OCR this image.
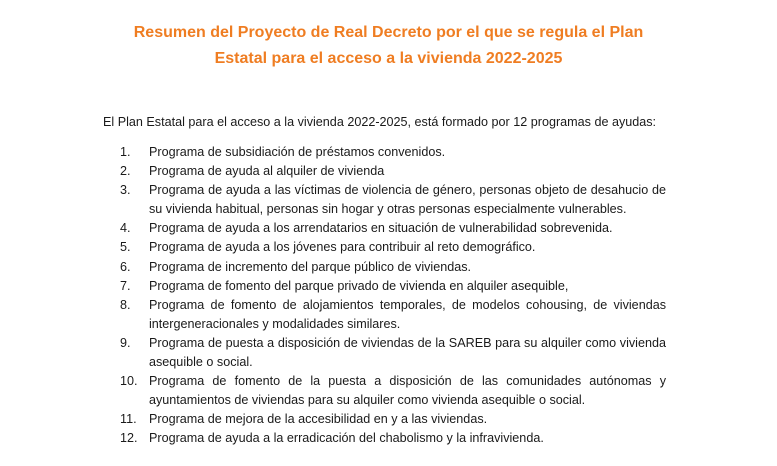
Resumen del Proyecto de Real Decreto por el que se regula el Plan
Estatal para el acceso a la vivienda 2022-2025
El Plan Estatal para el acceso a la vivienda 2022-2025, está formado por 12 programas de ayudas:
1. Programa de subsidiación de préstamos convenidos.
2. Programa de ayuda al alquiler de vivienda
3. Programa de ayuda a las víctimas de violencia de género, personas objeto de desahucio de su vivienda habitual, personas sin hogar y otras personas especialmente vulnerables.
4. Programa de ayuda a los arrendatarios en situación de vulnerabilidad sobrevenida.
5. Programa de ayuda a los jóvenes para contribuir al reto demográfico.
6. Programa de incremento del parque público de viviendas.
7. Programa de fomento del parque privado de vivienda en alquiler asequible,
8. Programa de fomento de alojamientos temporales, de modelos cohousing, de viviendas intergeneracionales y modalidades similares.
9. Programa de puesta a disposición de viviendas de la SAREB para su alquiler como vivienda asequible o social.
10. Programa de fomento de la puesta a disposición de las comunidades autónomas y ayuntamientos de viviendas para su alquiler como vivienda asequible o social.
11. Programa de mejora de la accesibilidad en y a las viviendas.
12. Programa de ayuda a la erradicación del chabolismo y la infravivienda.
